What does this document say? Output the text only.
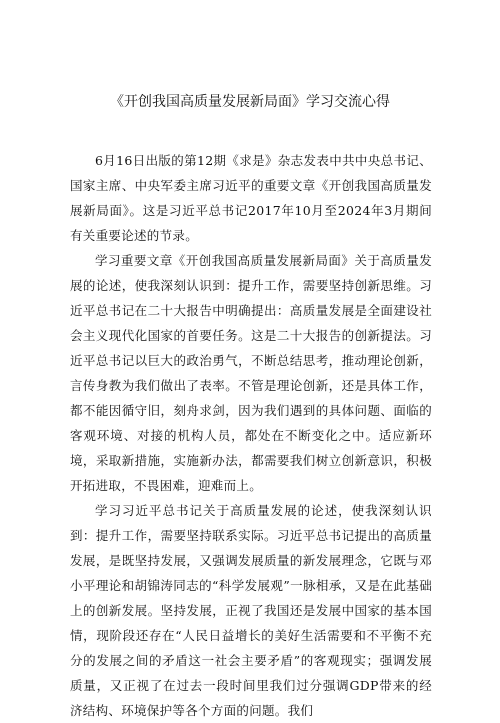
《开创我国高质量发展新局面》学习交流心得

6月16日出版的第12期《求是》杂志发表中共中央总书记、国家主席、中央军委主席习近平的重要文章《开创我国高质量发展新局面》。这是习近平总书记2017年10月至2024年3月期间有关重要论述的节录。

学习重要文章《开创我国高质量发展新局面》关于高质量发展的论述，使我深刻认识到：提升工作，需要坚持创新思维。习近平总书记在二十大报告中明确提出：高质量发展是全面建设社会主义现代化国家的首要任务。这是二十大报告的创新提法。习近平总书记以巨大的政治勇气，不断总结思考，推动理论创新，言传身教为我们做出了表率。不管是理论创新，还是具体工作，都不能因循守旧，刻舟求剑，因为我们遇到的具体问题、面临的客观环境、对接的机构人员，都处在不断变化之中。适应新环境，采取新措施，实施新办法，都需要我们树立创新意识，积极开拓进取，不畏困难，迎难而上。

学习习近平总书记关于高质量发展的论述，使我深刻认识到：提升工作，需要坚持联系实际。习近平总书记提出的高质量发展，是既坚持发展，又强调发展质量的新发展理念，它既与邓小平理论和胡锦涛同志的“科学发展观”一脉相承，又是在此基础上的创新发展。坚持发展，正视了我国还是发展中国家的基本国情，现阶段还存在“人民日益增长的美好生活需要和不平衡不充分的发展之间的矛盾这一社会主要矛盾”的客观现实；强调发展质量，又正视了在过去一段时间里我们过分强调GDP带来的经济结构、环境保护等各个方面的问题。我们
